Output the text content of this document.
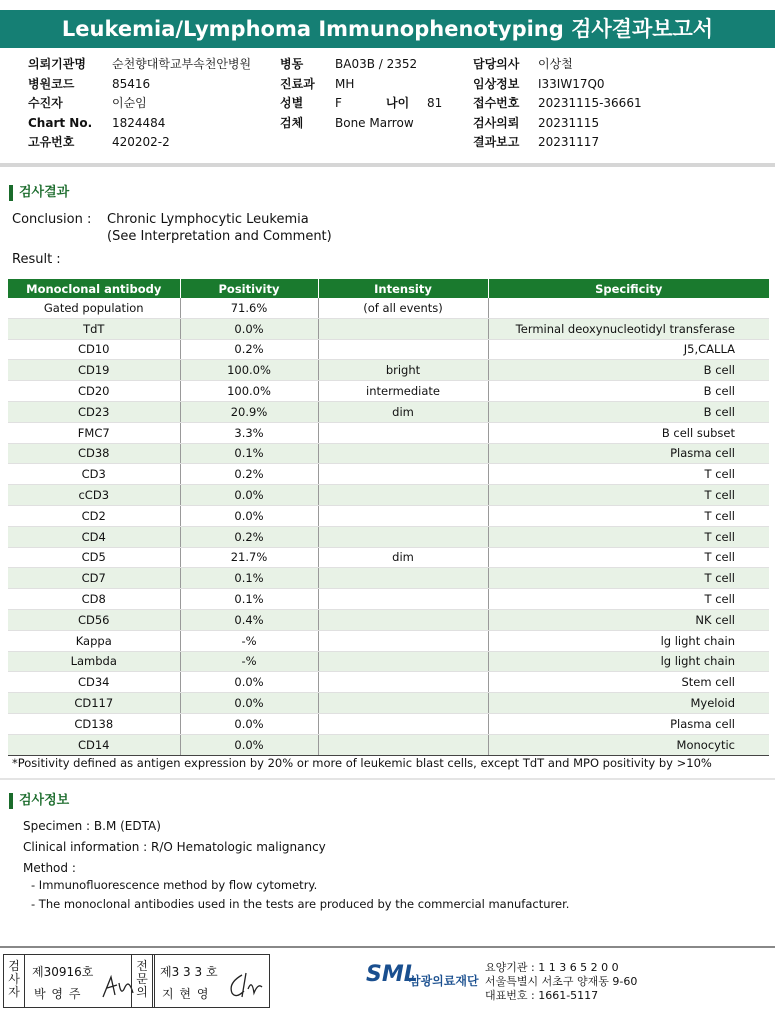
Leukemia/Lymphoma Immunophenotyping 검사결과보고서
의뢰기관명	순천향대학교부속천안병원
병원코드	85416
수진자	이순임
Chart No.	1824484
고유번호	420202-2
병동	BA03B / 2352
진료과	MH
성별	F
검체	Bone Marrow
나이 81
담당의사	이상철
임상정보	I33IW17Q0
접수번호	20231115-36661
검사의뢰	20231115
결과보고	20231117
검사결과
Conclusion : Chronic Lymphocytic Leukemia
(See Interpretation and Comment)
Result :
Monoclonal antibody	Positivity	Intensity	Specificity
Gated population	71.6%	(of all events)	
TdT	0.0%		Terminal deoxynucleotidyl transferase
CD10	0.2%		J5,CALLA
CD19	100.0%	bright	B cell
CD20	100.0%	intermediate	B cell
CD23	20.9%	dim	B cell
FMC7	3.3%		B cell subset
CD38	0.1%		Plasma cell
CD3	0.2%		T cell
cCD3	0.0%		T cell
CD2	0.0%		T cell
CD4	0.2%		T cell
CD5	21.7%	dim	T cell
CD7	0.1%		T cell
CD8	0.1%		T cell
CD56	0.4%		NK cell
Kappa	-%		lg light chain
Lambda	-%		lg light chain
CD34	0.0%		Stem cell
CD117	0.0%		Myeloid
CD138	0.0%		Plasma cell
CD14	0.0%		Monocytic
*Positivity defined as antigen expression by 20% or more of leukemic blast cells, except TdT and MPO positivity by >10%
검사정보
Specimen : B.M (EDTA)
Clinical information : R/O Hematologic malignancy
Method :
- Immunofluorescence method by flow cytometry.
- The monoclonal antibodies used in the tests are produced by the commercial manufacturer.
검
사
자
제30916호
박 영 주
전
문
의
제3 3 3 호
지 현 영
SML
삼광의료재단
요양기관 : 1 1 3 6 5 2 0 0
서울특별시 서초구 양재동 9-60
대표번호 : 1661-5117
